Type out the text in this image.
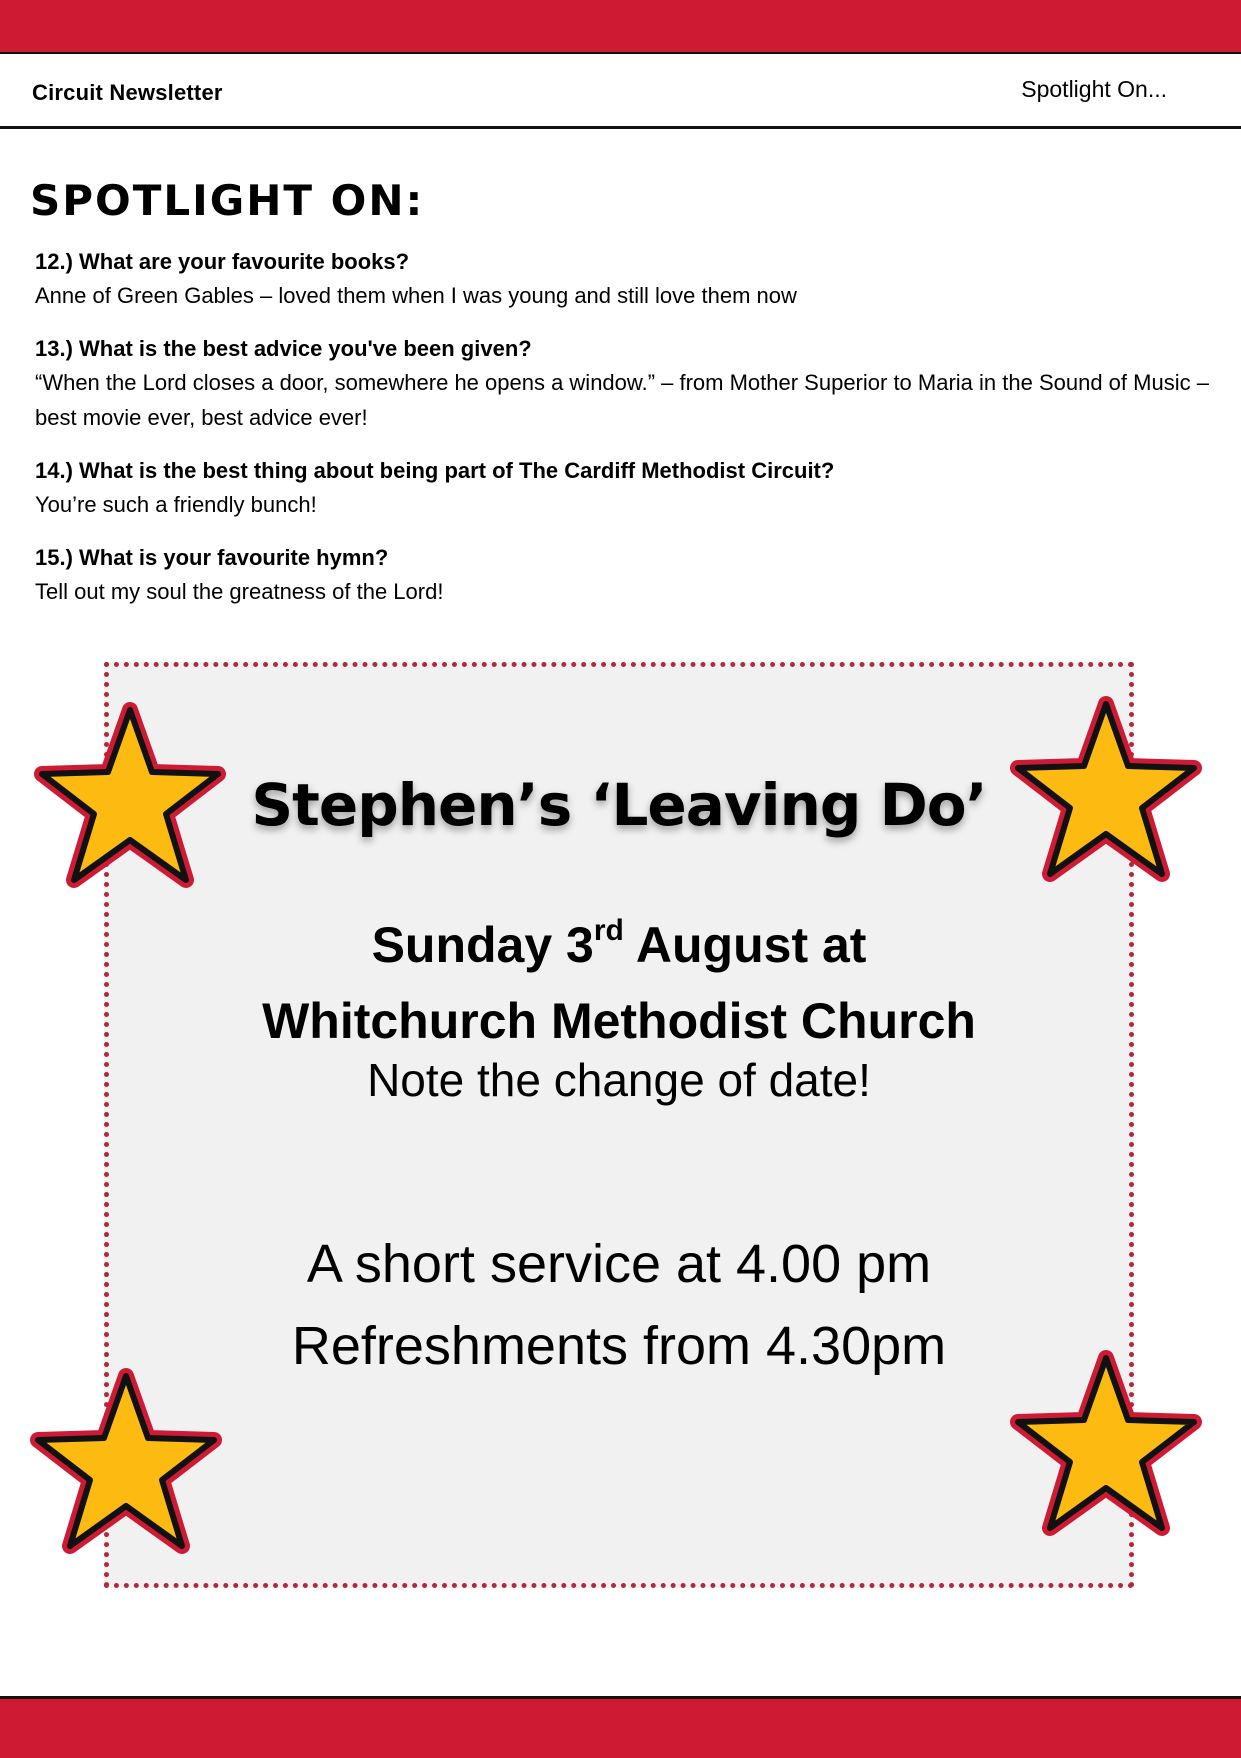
Circuit Newsletter	Spotlight On...
SPOTLIGHT ON:
12.) What are your favourite books?
Anne of Green Gables – loved them when I was young and still love them now
13.) What is the best advice you've been given?
“When the Lord closes a door, somewhere he opens a window.” – from Mother Superior to Maria in the Sound of Music – best movie ever, best advice ever!
14.) What is the best thing about being part of The Cardiff Methodist Circuit?
You’re such a friendly bunch!
15.) What is your favourite hymn?
Tell out my soul the greatness of the Lord!
Stephen’s ‘Leaving Do’
Sunday 3rd August at
Whitchurch Methodist Church
Note the change of date!
A short service at 4.00 pm
Refreshments from 4.30pm
